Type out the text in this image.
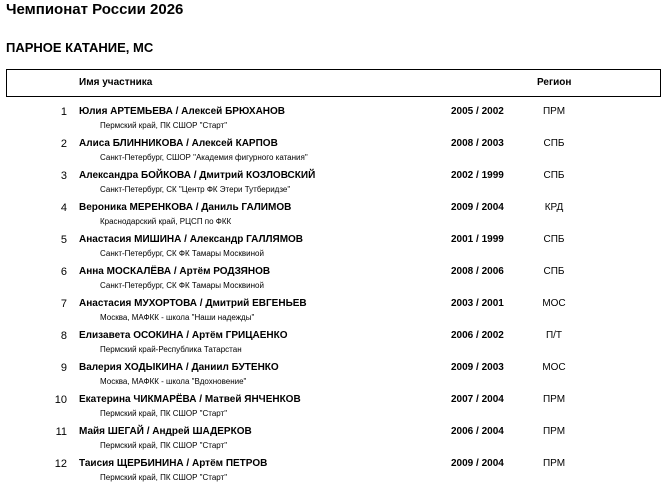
Чемпионат России 2026
ПАРНОЕ КАТАНИЕ, МС
Имя участника	Регион
1 Юлия АРТЕМЬЕВА / Алексей БРЮХАНОВ
Пермский край, ПК СШОР "Старт"
2005 / 2002	ПРМ
2 Алиса БЛИННИКОВА / Алексей КАРПОВ
Санкт-Петербург, СШОР "Академия фигурного катания"
2008 / 2003	СПБ
3 Александра БОЙКОВА / Дмитрий КОЗЛОВСКИЙ
Санкт-Петербург, СК "Центр ФК Этери Тутберидзе"
2002 / 1999	СПБ
4 Вероника МЕРЕНКОВА / Даниль ГАЛИМОВ
Краснодарский край, РЦСП по ФКК
2009 / 2004	КРД
5 Анастасия МИШИНА / Александр ГАЛЛЯМОВ
Санкт-Петербург, СК ФК Тамары Москвиной
2001 / 1999	СПБ
6 Анна МОСКАЛЁВА / Артём РОДЗЯНОВ
Санкт-Петербург, СК ФК Тамары Москвиной
2008 / 2006	СПБ
7 Анастасия МУХОРТОВА / Дмитрий ЕВГЕНЬЕВ
Москва, МАФКК - школа "Наши надежды"
2003 / 2001	МОС
8 Елизавета ОСОКИНА / Артём ГРИЦАЕНКО
Пермский край-Республика Татарстан
2006 / 2002	П/Т
9 Валерия ХОДЫКИНА / Даниил БУТЕНКО
Москва, МАФКК - школа "Вдохновение"
2009 / 2003	МОС
10 Екатерина ЧИКМАРЁВА / Матвей ЯНЧЕНКОВ
Пермский край, ПК СШОР "Старт"
2007 / 2004	ПРМ
11 Майя ШЕГАЙ / Андрей ШАДЕРКОВ
Пермский край, ПК СШОР "Старт"
2006 / 2004	ПРМ
12 Таисия ЩЕРБИНИНА / Артём ПЕТРОВ
Пермский край, ПК СШОР "Старт"
2009 / 2004	ПРМ
